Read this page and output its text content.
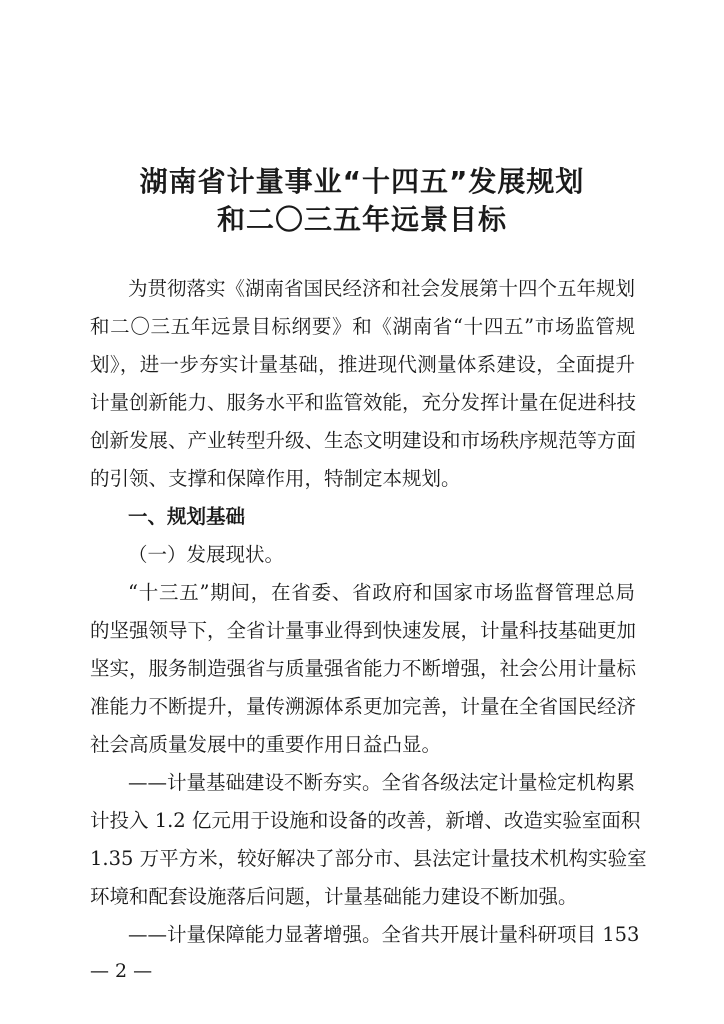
湖南省计量事业“十四五”发展规划
和二〇三五年远景目标
为贯彻落实《湖南省国民经济和社会发展第十四个五年规划
和二〇三五年远景目标纲要》和《湖南省“十四五”市场监管规
划》，进一步夯实计量基础，推进现代测量体系建设，全面提升
计量创新能力、服务水平和监管效能，充分发挥计量在促进科技
创新发展、产业转型升级、生态文明建设和市场秩序规范等方面
的引领、支撑和保障作用，特制定本规划。
一、规划基础
（一）发展现状。
“十三五”期间，在省委、省政府和国家市场监督管理总局
的坚强领导下，全省计量事业得到快速发展，计量科技基础更加
坚实，服务制造强省与质量强省能力不断增强，社会公用计量标
准能力不断提升，量传溯源体系更加完善，计量在全省国民经济
社会高质量发展中的重要作用日益凸显。
——计量基础建设不断夯实。全省各级法定计量检定机构累
计投入 1.2 亿元用于设施和设备的改善，新增、改造实验室面积
1.35 万平方米，较好解决了部分市、县法定计量技术机构实验室
环境和配套设施落后问题，计量基础能力建设不断加强。
——计量保障能力显著增强。全省共开展计量科研项目 153
— 2 —
